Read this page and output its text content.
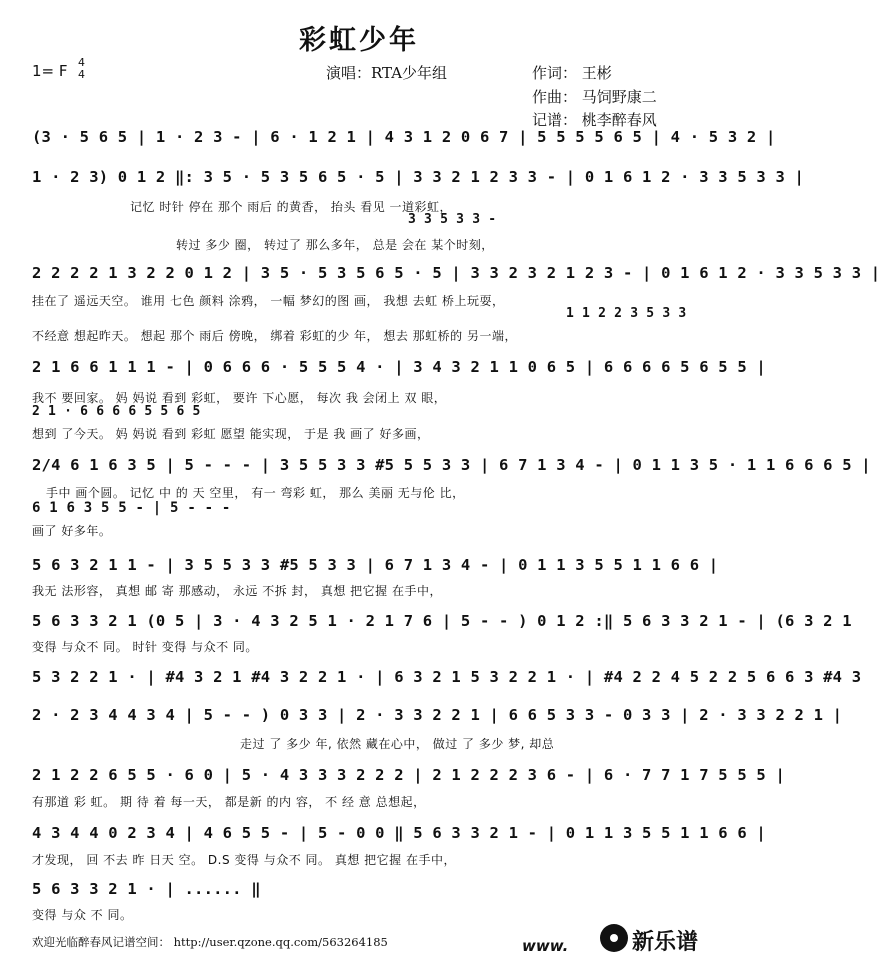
彩虹少年
1= F 4
4	演唱：RTA少年组	作词： 王彬
作曲： 马饲野康二
记谱： 桃李醉春风
(3 · 5 6 5 | 1 · 2 3 - | 6 · 1 2 1 | 4 3 1 2 0 6 7 | 5 5 5 5 6 5 | 4 · 5 3 2 |
1 · 2 3) 0 1 2 ‖: 3 5 · 5 3 5 6 5 · 5 | 3 3 2 1 2 3 3 - | 0 1 6 1 2 · 3 3 5 3 3 |
记忆 时针 停在 那个 雨后 的黄香， 抬头 看见 一道彩虹，
3 3 5 3 3 -
转过 多少 圈， 转过了 那么多年， 总是 会在 某个时刻，
2 2 2 2 1 3 2 2 0 1 2 | 3 5 · 5 3 5 6 5 · 5 | 3 3 2 3 2 1 2 3 - | 0 1 6 1 2 · 3 3 5 3 3 |
挂在了 遥远天空。 谁用 七色 颜料 涂鸦， 一幅 梦幻的图 画， 我想 去虹 桥上玩耍，
1 1 2 2 3 5 3 3
不经意 想起昨天。 想起 那个 雨后 傍晚， 绑着 彩虹的少 年， 想去 那虹桥的 另一端，
2 1 6 6 1 1 1 - | 0 6 6 6 · 5 5 5 4 · | 3 4 3 2 1 1 0 6 5 | 6 6 6 6 5 6 5 5 |
我不 要回家。 妈 妈说 看到 彩虹， 要许 下心愿， 每次 我 会闭上 双 眼，
2 1 · 6 6 6 6 5 5 6 5
想到 了今天。 妈 妈说 看到 彩虹 愿望 能实现， 于是 我 画了 好多画，
2/4 6 1 6 3 5 | 5 - - - | 3 5 5 3 3 #5 5 5 3 3 | 6 7 1 3 4 - | 0 1 1 3 5 · 1 1 6 6 6 5 |
手中 画个圆。 记忆 中 的 天 空里， 有一 弯彩 虹， 那么 美丽 无与伦 比，
6 1 6 3 5 5 - | 5 - - -
画了 好多年。
5 6 3 2 1 1 - | 3 5 5 3 3 #5 5 3 3 | 6 7 1 3 4 - | 0 1 1 3 5 5 1 1 6 6 |
我无 法形容， 真想 邮 寄 那感动， 永远 不拆 封， 真想 把它握 在手中，
5 6 3 3 2 1 (0 5 | 3 · 4 3 2 5 1 · 2 1 7 6 | 5 - - ) 0 1 2 :‖ 5 6 3 3 2 1 - | (6 3 2 1
变得 与众不 同。 时针 变得 与众不 同。
5 3 2 2 1 · | #4 3 2 1 #4 3 2 2 1 · | 6 3 2 1 5 3 2 2 1 · | #4 2 2 4 5 2 2 5 6 6 3 #4 3
2 · 2 3 4 4 3 4 | 5 - - ) 0 3 3 | 2 · 3 3 2 2 1 | 6 6 5 3 3 - 0 3 3 | 2 · 3 3 2 2 1 |
走过 了 多少 年, 依然 藏在心中， 做过 了 多少 梦, 却总
2 1 2 2 6 5 5 · 6 0 | 5 · 4 3 3 3 2 2 2 | 2 1 2 2 2 3 6 - | 6 · 7 7 1 7 5 5 5 |
有那道 彩 虹。 期 待 着 每一天， 都是新 的内 容， 不 经 意 总想起，
4 3 4 4 0 2 3 4 | 4 6 5 5 - | 5 - 0 0 ‖ 5 6 3 3 2 1 - | 0 1 1 3 5 5 1 1 6 6 |
才发现， 回 不去 昨 日天 空。 D.S 变得 与众不 同。 真想 把它握 在手中，
5 6 3 3 2 1 · | ...... ‖
变得 与众 不 同。
欢迎光临醉春风记谱空间： http://user.qzone.qq.com/563264185	www.	新乐谱
